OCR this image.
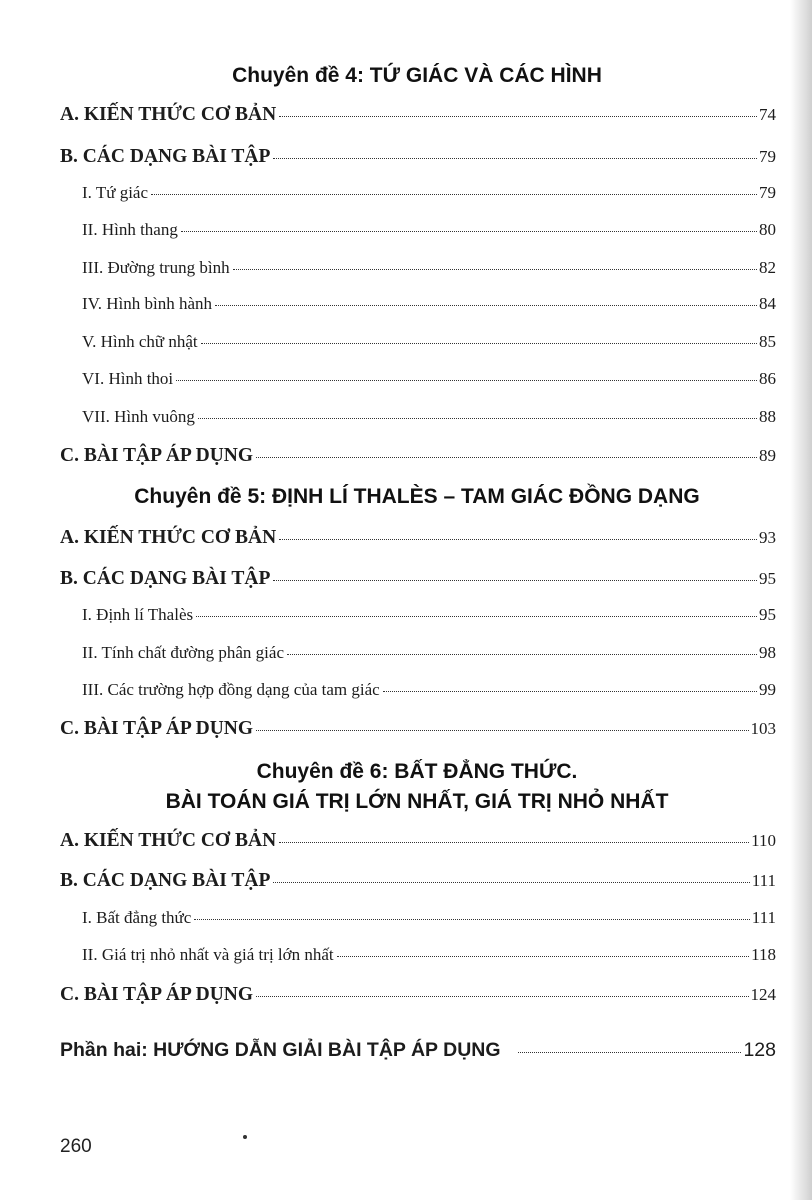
Chuyên đề 4: TỨ GIÁC VÀ CÁC HÌNH
A. KIẾN THỨC CƠ BẢN	74
B. CÁC DẠNG BÀI TẬP	79
I. Tứ giác	79
II. Hình thang	80
III. Đường trung bình	82
IV. Hình bình hành	84
V. Hình chữ nhật	85
VI. Hình thoi	86
VII. Hình vuông	88
C. BÀI TẬP ÁP DỤNG	89
Chuyên đề 5: ĐỊNH LÍ THALÈS – TAM GIÁC ĐỒNG DẠNG
A. KIẾN THỨC CƠ BẢN	93
B. CÁC DẠNG BÀI TẬP	95
I. Định lí Thalès	95
II. Tính chất đường phân giác	98
III. Các trường hợp đồng dạng của tam giác	99
C. BÀI TẬP ÁP DỤNG	103
Chuyên đề 6: BẤT ĐẲNG THỨC.
BÀI TOÁN GIÁ TRỊ LỚN NHẤT, GIÁ TRỊ NHỎ NHẤT
A. KIẾN THỨC CƠ BẢN	110
B. CÁC DẠNG BÀI TẬP	111
I. Bất đẳng thức	111
II. Giá trị nhỏ nhất và giá trị lớn nhất	118
C. BÀI TẬP ÁP DỤNG	124
Phần hai: HƯỚNG DẪN GIẢI BÀI TẬP ÁP DỤNG	128
260
